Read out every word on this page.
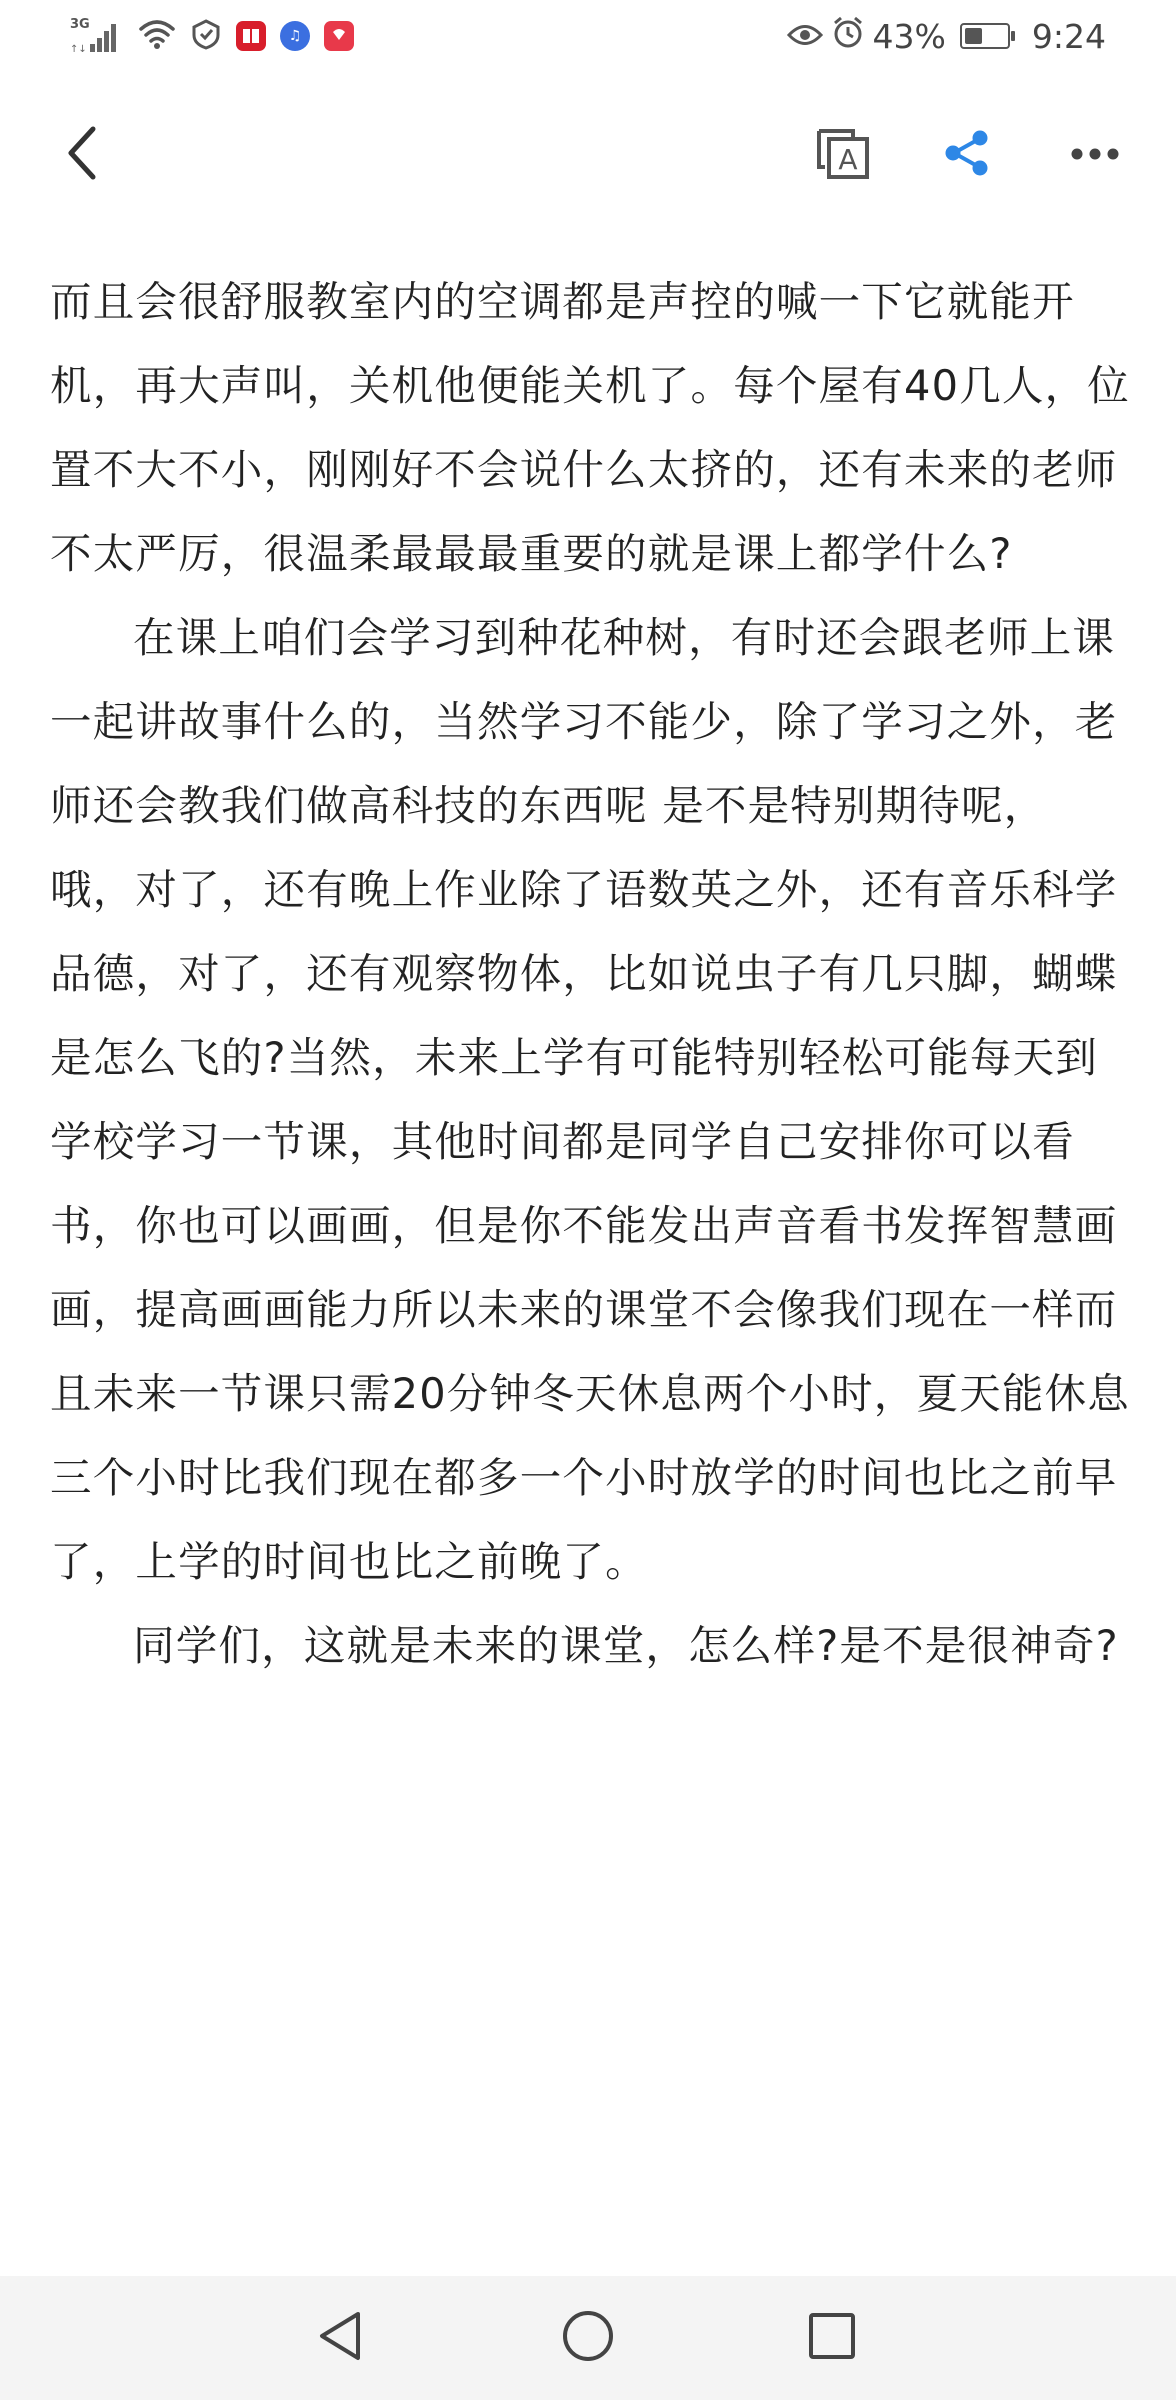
3G
↑↓
♫	43%	9:24
A

而且会很舒服教室内的空调都是声控的喊一下它就能开机，再大声叫，关机他便能关机了。每个屋有40几人，位置不大不小，刚刚好不会说什么太挤的，还有未来的老师不太严厉，很温柔最最最重要的就是课上都学什么?

在课上咱们会学习到种花种树，有时还会跟老师上课一起讲故事什么的，当然学习不能少，除了学习之外，老师还会教我们做高科技的东西呢 是不是特别期待呢， 哦，对了，还有晚上作业除了语数英之外，还有音乐科学品德，对了，还有观察物体，比如说虫子有几只脚，蝴蝶是怎么飞的?当然，未来上学有可能特别轻松可能每天到学校学习一节课，其他时间都是同学自己安排你可以看书，你也可以画画，但是你不能发出声音看书发挥智慧画画，提高画画能力所以未来的课堂不会像我们现在一样而且未来一节课只需20分钟冬天休息两个小时，夏天能休息三个小时比我们现在都多一个小时放学的时间也比之前早了，上学的时间也比之前晚了。

同学们，这就是未来的课堂，怎么样?是不是很神奇?
